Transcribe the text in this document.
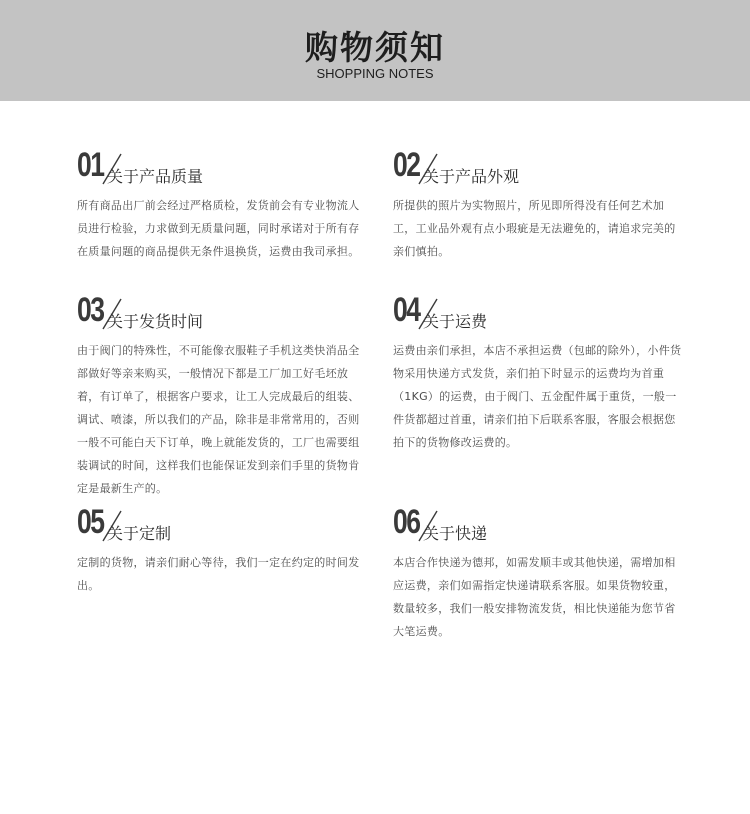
购物须知
SHOPPING NOTES
01 关于产品质量
所有商品出厂前会经过严格质检，发货前会有专业物流人员进行检验，力求做到无质量问题，同时承诺对于所有存在质量问题的商品提供无条件退换货，运费由我司承担。
02 关于产品外观
所提供的照片为实物照片，所见即所得没有任何艺术加工，工业品外观有点小瑕疵是无法避免的，请追求完美的亲们慎拍。
03 关于发货时间
由于阀门的特殊性，不可能像衣服鞋子手机这类快消品全部做好等亲来购买，一般情况下都是工厂加工好毛坯放着，有订单了，根据客户要求，让工人完成最后的组装、调试、喷漆，所以我们的产品，除非是非常常用的，否则一般不可能白天下订单，晚上就能发货的，工厂也需要组装调试的时间，这样我们也能保证发到亲们手里的货物肯定是最新生产的。
04 关于运费
运费由亲们承担，本店不承担运费（包邮的除外），小件货物采用快递方式发货，亲们拍下时显示的运费均为首重（1KG）的运费，由于阀门、五金配件属于重货，一般一件货都超过首重，请亲们拍下后联系客服，客服会根据您拍下的货物修改运费的。
05 关于定制
定制的货物，请亲们耐心等待，我们一定在约定的时间发出。
06 关于快递
本店合作快递为德邦，如需发顺丰或其他快递，需增加相应运费，亲们如需指定快递请联系客服。如果货物较重，数量较多，我们一般安排物流发货，相比快递能为您节省大笔运费。
